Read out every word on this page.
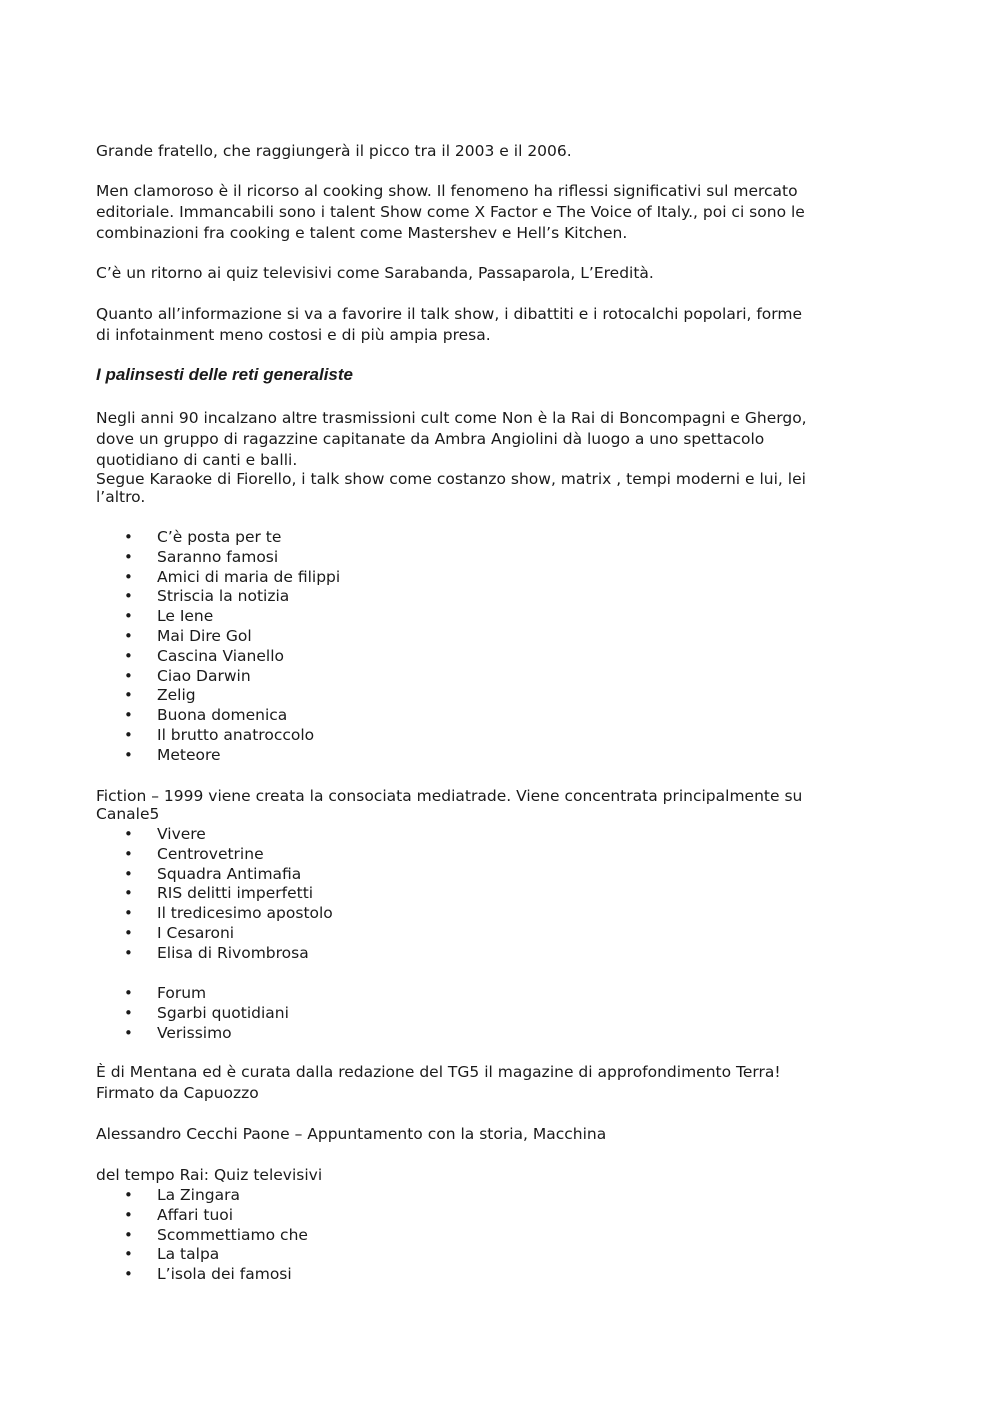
Grande fratello, che raggiungerà il picco tra il 2003 e il 2006.
Men clamoroso è il ricorso al cooking show. Il fenomeno ha riflessi significativi sul mercato
editoriale. Immancabili sono i talent Show come X Factor e The Voice of Italy., poi ci sono le
combinazioni fra cooking e talent come Mastershev e Hell’s Kitchen.
C’è un ritorno ai quiz televisivi come Sarabanda, Passaparola, L’Eredità.
Quanto all’informazione si va a favorire il talk show, i dibattiti e i rotocalchi popolari, forme
di infotainment meno costosi e di più ampia presa.
I palinsesti delle reti generaliste
Negli anni 90 incalzano altre trasmissioni cult come Non è la Rai di Boncompagni e Ghergo,
dove un gruppo di ragazzine capitanate da Ambra Angiolini dà luogo a uno spettacolo
quotidiano di canti e balli.
Segue Karaoke di Fiorello, i talk show come costanzo show, matrix , tempi moderni e lui, lei
l’altro.
• C’è posta per te
• Saranno famosi
• Amici di maria de filippi
• Striscia la notizia
• Le Iene
• Mai Dire Gol
• Cascina Vianello
• Ciao Darwin
• Zelig
• Buona domenica
• Il brutto anatroccolo
• Meteore
Fiction – 1999 viene creata la consociata mediatrade. Viene concentrata principalmente su
Canale5
• Vivere
• Centrovetrine
• Squadra Antimafia
• RIS delitti imperfetti
• Il tredicesimo apostolo
• I Cesaroni
• Elisa di Rivombrosa
• Forum
• Sgarbi quotidiani
• Verissimo
È di Mentana ed è curata dalla redazione del TG5 il magazine di approfondimento Terra!
Firmato da Capuozzo
Alessandro Cecchi Paone – Appuntamento con la storia, Macchina
del tempo Rai: Quiz televisivi
• La Zingara
• Affari tuoi
• Scommettiamo che
• La talpa
• L’isola dei famosi
